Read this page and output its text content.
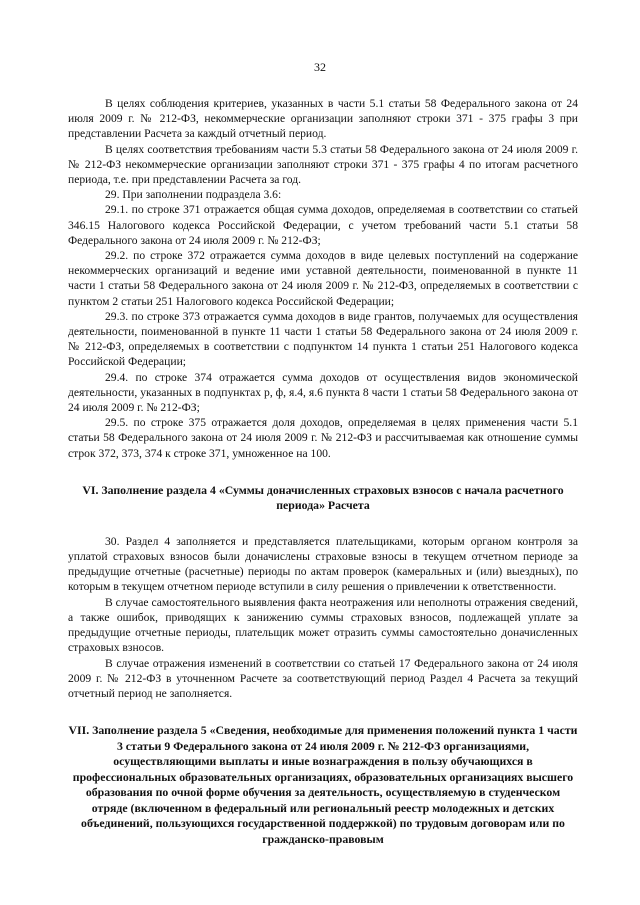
32

В целях соблюдения критериев, указанных в части 5.1 статьи 58 Федерального закона от 24 июля 2009 г. № 212-ФЗ, некоммерческие организации заполняют строки 371 - 375 графы 3 при представлении Расчета за каждый отчетный период.

В целях соответствия требованиям части 5.3 статьи 58 Федерального закона от 24 июля 2009 г. № 212-ФЗ некоммерческие организации заполняют строки 371 - 375 графы 4 по итогам расчетного периода, т.е. при представлении Расчета за год.

29. При заполнении подраздела 3.6:

29.1. по строке 371 отражается общая сумма доходов, определяемая в соответствии со статьей 346.15 Налогового кодекса Российской Федерации, с учетом требований части 5.1 статьи 58 Федерального закона от 24 июля 2009 г. № 212-ФЗ;

29.2. по строке 372 отражается сумма доходов в виде целевых поступлений на содержание некоммерческих организаций и ведение ими уставной деятельности, поименованной в пункте 11 части 1 статьи 58 Федерального закона от 24 июля 2009 г. № 212-ФЗ, определяемых в соответствии с пунктом 2 статьи 251 Налогового кодекса Российской Федерации;

29.3. по строке 373 отражается сумма доходов в виде грантов, получаемых для осуществления деятельности, поименованной в пункте 11 части 1 статьи 58 Федерального закона от 24 июля 2009 г. № 212-ФЗ, определяемых в соответствии с подпунктом 14 пункта 1 статьи 251 Налогового кодекса Российской Федерации;

29.4. по строке 374 отражается сумма доходов от осуществления видов экономической деятельности, указанных в подпунктах р, ф, я.4, я.6 пункта 8 части 1 статьи 58 Федерального закона от 24 июля 2009 г. № 212-ФЗ;

29.5. по строке 375 отражается доля доходов, определяемая в целях применения части 5.1 статьи 58 Федерального закона от 24 июля 2009 г. № 212-ФЗ и рассчитываемая как отношение суммы строк 372, 373, 374 к строке 371, умноженное на 100.

VI. Заполнение раздела 4 «Суммы доначисленных страховых взносов с начала расчетного периода» Расчета

30. Раздел 4 заполняется и представляется плательщиками, которым органом контроля за уплатой страховых взносов были доначислены страховые взносы в текущем отчетном периоде за предыдущие отчетные (расчетные) периоды по актам проверок (камеральных и (или) выездных), по которым в текущем отчетном периоде вступили в силу решения о привлечении к ответственности.

В случае самостоятельного выявления факта неотражения или неполноты отражения сведений, а также ошибок, приводящих к занижению суммы страховых взносов, подлежащей уплате за предыдущие отчетные периоды, плательщик может отразить суммы самостоятельно доначисленных страховых взносов.

В случае отражения изменений в соответствии со статьей 17 Федерального закона от 24 июля 2009 г. № 212-ФЗ в уточненном Расчете за соответствующий период Раздел 4 Расчета за текущий отчетный период не заполняется.

VII. Заполнение раздела 5 «Сведения, необходимые для применения положений пункта 1 части 3 статьи 9 Федерального закона от 24 июля 2009 г. № 212-ФЗ организациями, осуществляющими выплаты и иные вознаграждения в пользу обучающихся в профессиональных образовательных организациях, образовательных организациях высшего образования по очной форме обучения за деятельность, осуществляемую в студенческом отряде (включенном в федеральный или региональный реестр молодежных и детских объединений, пользующихся государственной поддержкой) по трудовым договорам или по гражданско-правовым
